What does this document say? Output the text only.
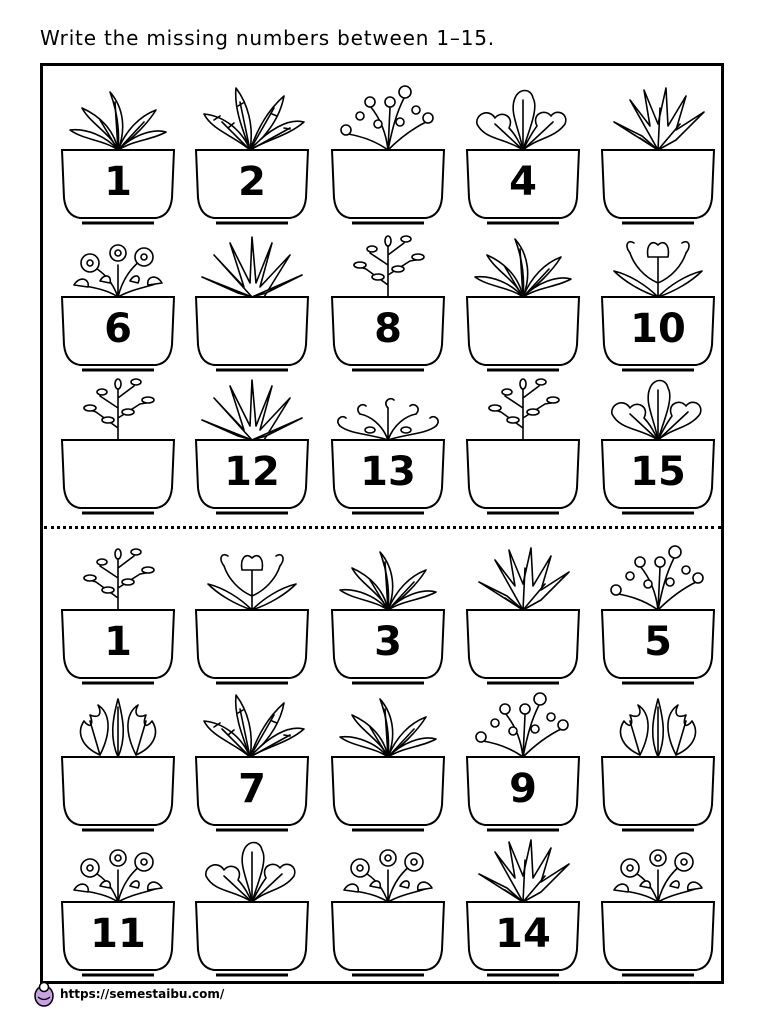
Write the missing numbers between 1–15.
1	2	4
6	8	10
12	13	15
1	3	5
7	9
11	14
https://semestaibu.com/
